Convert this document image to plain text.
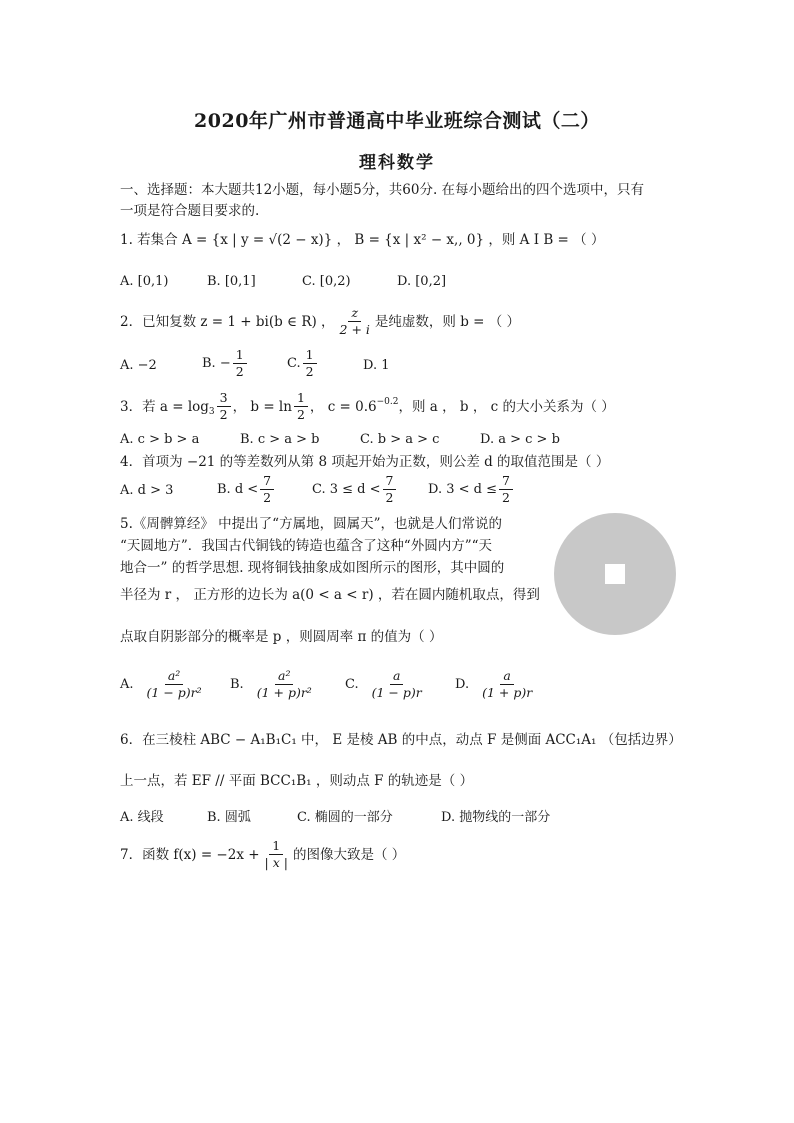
2020年广州市普通高中毕业班综合测试（二）
理科数学
一、选择题：本大题共12小题，每小题5分，共60分. 在每小题给出的四个选项中，只有
一项是符合题目要求的.
1. 若集合 A = {x | y = √(2 − x)} ， B = {x | x² − x,, 0} ，则 A I B = （ ）
A. [0,1)	B. [0,1]	C. [0,2)	D. [0,2]
2．已知复数 z = 1 + bi(b ∈ R) ， $\frac{z}{2 + i}$ 是纯虚数，则 b = （ ）
A. −2	B. − $\frac{1}{2}$	C. $\frac{1}{2}$	D. 1
3．若 $a = \log_3 \frac{3}{2}$ ， $b = \ln \frac{1}{2}$ ， $c = 0.6^{-0.2}$ ，则 a ， b ， c 的大小关系为（ ）
A. c > b > a	B. c > a > b	C. b > a > c	D. a > c > b
4．首项为 −21 的等差数列从第 8 项起开始为正数，则公差 d 的取值范围是（ ）
A. d > 3	B. $d < \frac{7}{2}$	C. $3 \le d < \frac{7}{2} D$. $3 < d \le \frac{7}{2}$
5.《周髀算经》 中提出了“方属地，圆属天”，也就是人们常说的
“天圆地方”．我国古代铜钱的铸造也蕴含了这种“外圆内方”“天
地合一” 的哲学思想. 现将铜钱抽象成如图所示的图形，其中圆的
半径为 r ， 正方形的边长为 a(0 < a < r) ，若在圆内随机取点，得到
点取自阴影部分的概率是 p ，则圆周率 π 的值为（ ）
A. $\frac{\text{a²}}{\text{(1 − p)r²}} B$. $\frac{\text{a²}}{\text{(1 + p)r²}} C$. $\frac{a}{(1 - p)r} D$. $\frac{a}{(1 + p)r}$
6．在三棱柱 ABC − A₁B₁C₁ 中， E 是棱 AB 的中点，动点 F 是侧面 ACC₁A₁ （包括边界）
上一点，若 EF // 平面 BCC₁B₁ ，则动点 F 的轨迹是（ ）
A. 线段	B. 圆弧	C. 椭圆的一部分	D. 抛物线的一部分
7．函数 $f(x) = -2x + \frac{1}{| x |}$ 的图像大致是（ ）
